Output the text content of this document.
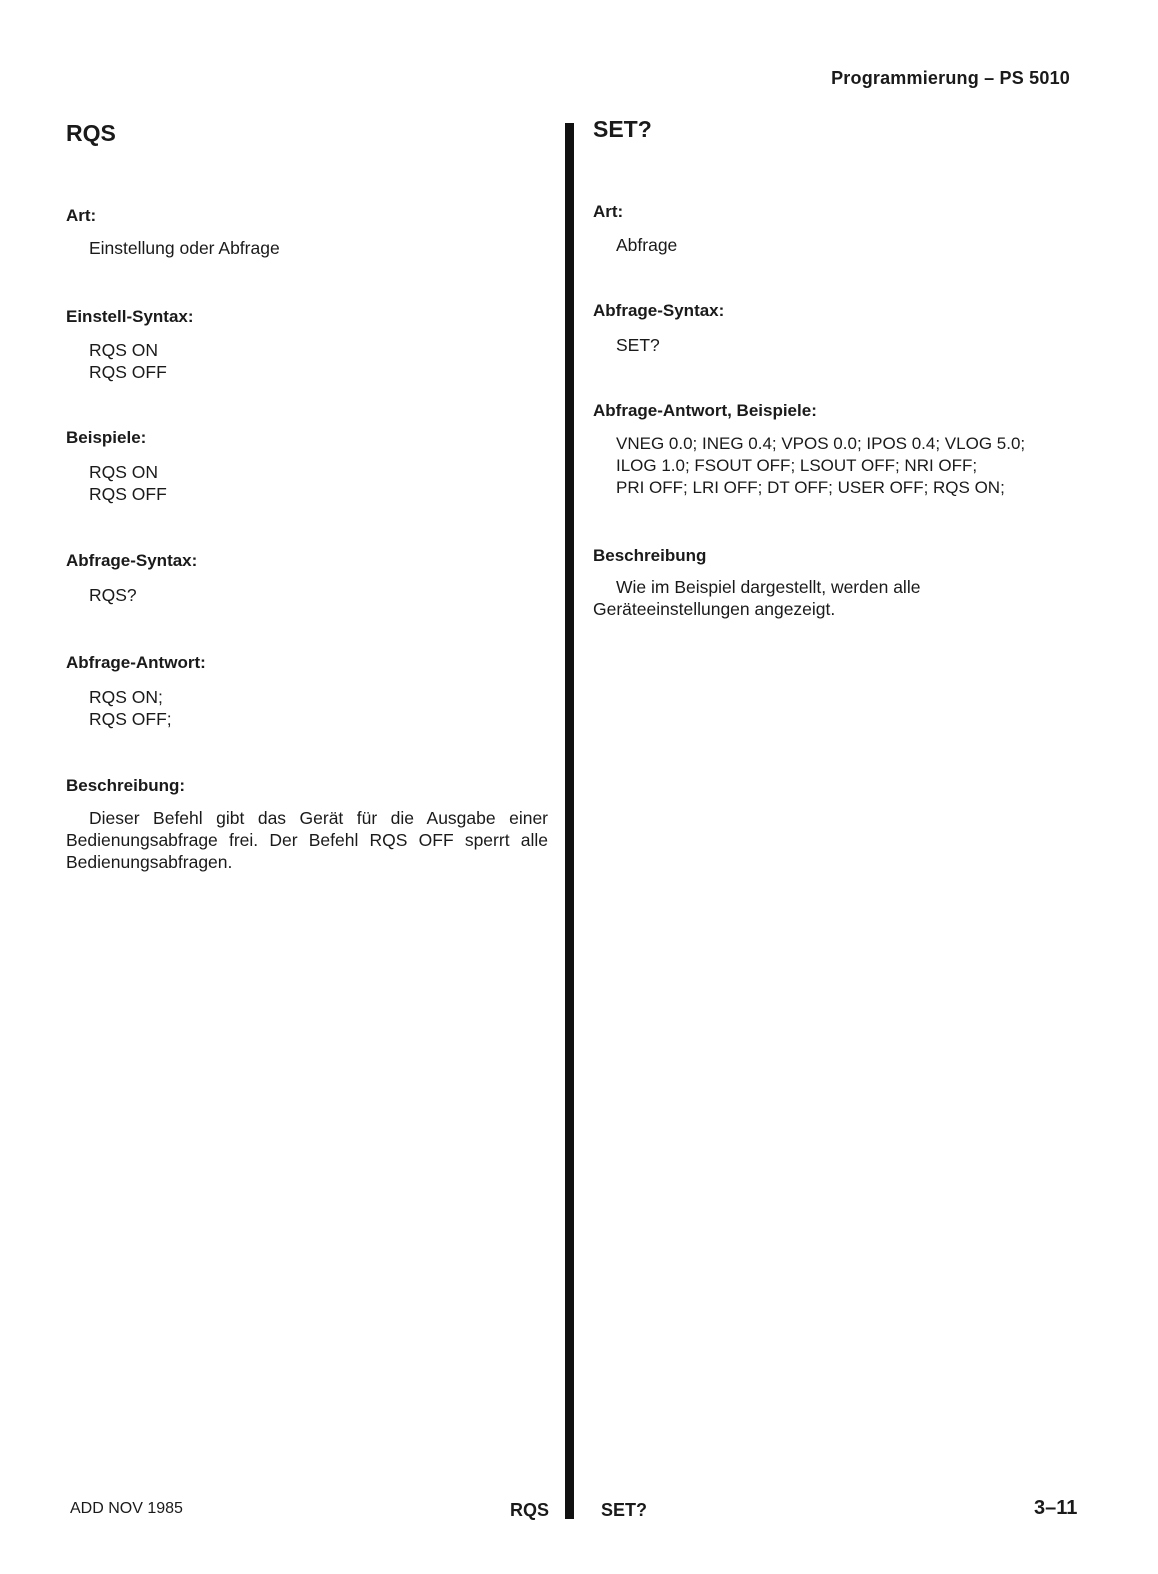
Programmierung – PS 5010
RQS
Art:
Einstellung oder Abfrage
Einstell-Syntax:
RQS ON
RQS OFF
Beispiele:
RQS ON
RQS OFF
Abfrage-Syntax:
RQS?
Abfrage-Antwort:
RQS ON;
RQS OFF;
Beschreibung:

Dieser Befehl gibt das Gerät für die Ausgabe einer Bedienungsabfrage frei. Der Befehl RQS OFF sperrt alle Bedienungsabfragen.

SET?
Art:
Abfrage
Abfrage-Syntax:
SET?
Abfrage-Antwort, Beispiele:
VNEG 0.0; INEG 0.4; VPOS 0.0; IPOS 0.4; VLOG 5.0;
ILOG 1.0; FSOUT OFF; LSOUT OFF; NRI OFF;
PRI OFF; LRI OFF; DT OFF; USER OFF; RQS ON;
Beschreibung

Wie im Beispiel dargestellt, werden alle Geräteeinstellungen angezeigt.

ADD NOV 1985	RQS	SET?	3–11
